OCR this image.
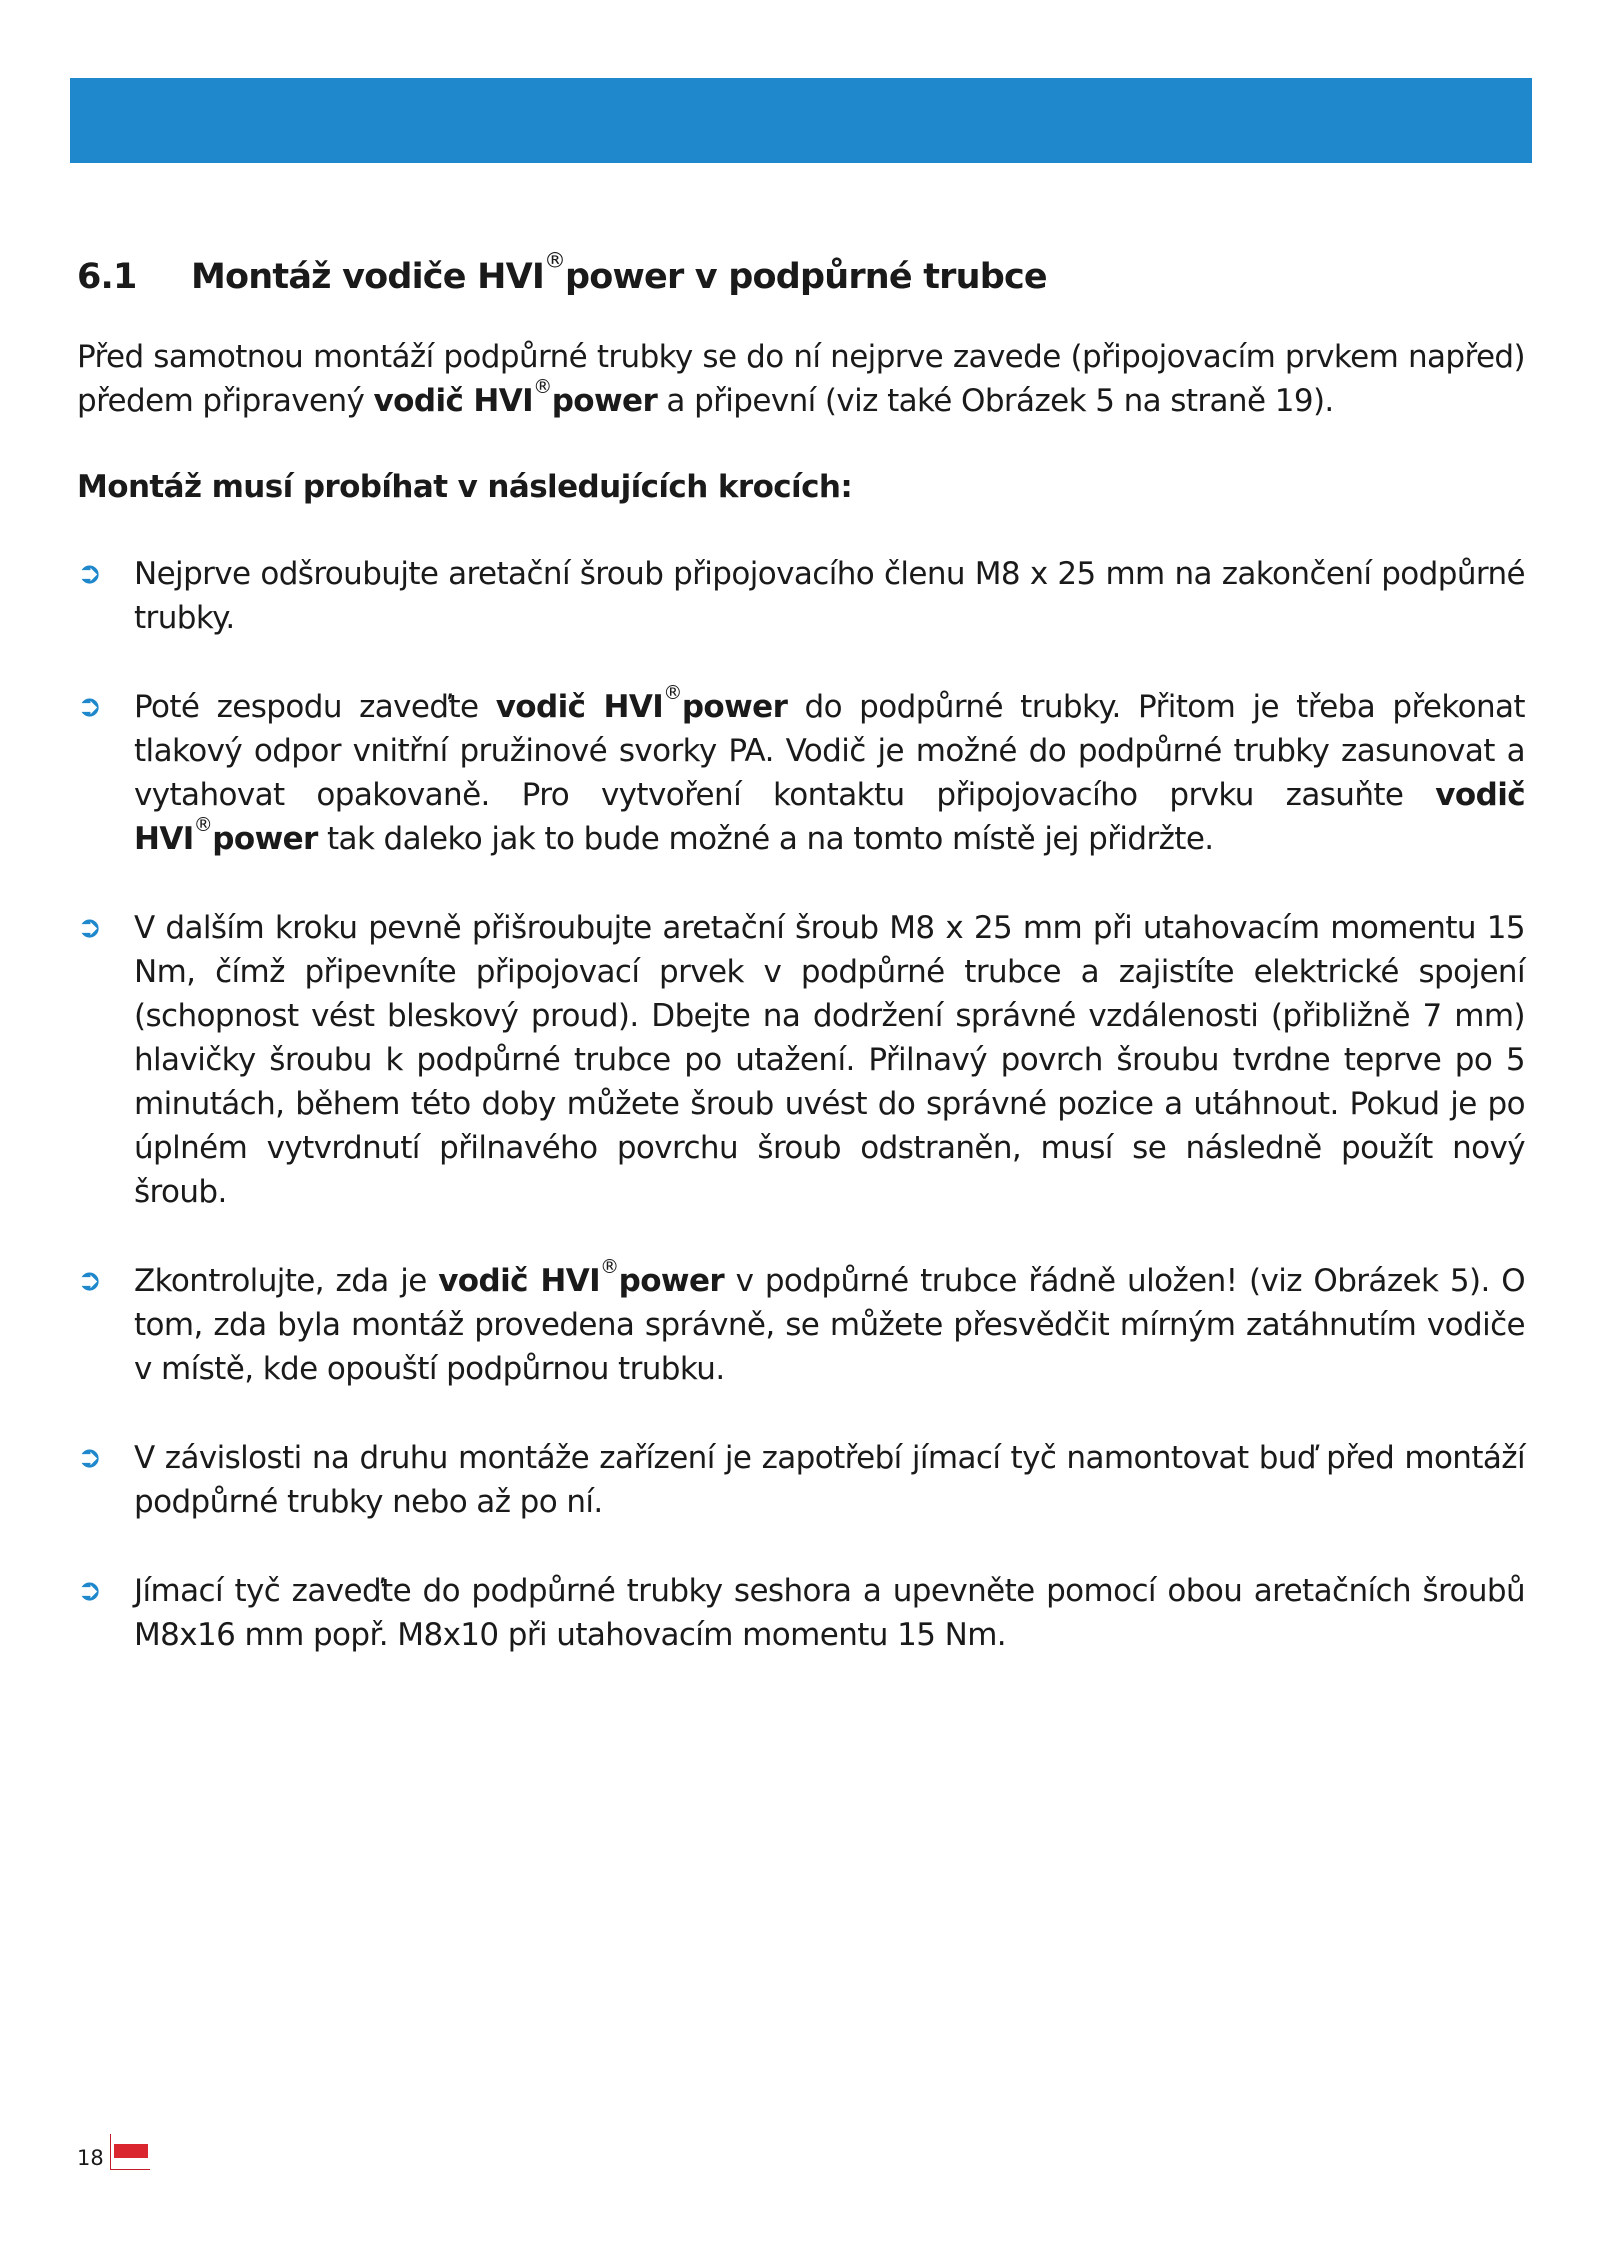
6.1 Montáž vodiče HVI®power v podpůrné trubce

Před samotnou montáží podpůrné trubky se do ní nejprve zavede (připojovacím prvkem napřed) předem připravený vodič HVI®power a připevní (viz také Obrázek 5 na straně 19).

Montáž musí probíhat v následujících krocích:
➲	Nejprve odšroubujte aretační šroub připojovacího členu M8 x 25 mm na zakončení podpůrné trubky.
➲	Poté zespodu zaveďte vodič HVI®power do podpůrné trubky. Přitom je třeba překonat tlakový odpor vnitřní pružinové svorky PA. Vodič je možné do podpůrné trubky zasunovat a vytahovat opakovaně. Pro vytvoření kontaktu připojovacího prvku zasuňte vodič HVI®power tak daleko jak to bude možné a na tomto místě jej přidržte.
➲	V dalším kroku pevně přišroubujte aretační šroub M8 x 25 mm při utahovacím momentu 15 Nm, čímž připevníte připojovací prvek v podpůrné trubce a zajistíte elektrické spojení (schopnost vést bleskový proud). Dbejte na dodržení správné vzdálenosti (přibližně 7 mm) hlavičky šroubu k podpůrné trubce po utažení. Přilnavý povrch šroubu tvrdne teprve po 5 minutách, během této doby můžete šroub uvést do správné pozice a utáhnout. Pokud je po úplném vytvrdnutí přilnavého povrchu šroub odstraněn, musí se následně použít nový šroub.
➲	Zkontrolujte, zda je vodič HVI®power v podpůrné trubce řádně uložen! (viz Obrázek 5). O tom, zda byla montáž provedena správně, se můžete přesvědčit mírným zatáhnutím vodiče v místě, kde opouští podpůrnou trubku.
➲	V závislosti na druhu montáže zařízení je zapotřebí jímací tyč namontovat buď před montáží podpůrné trubky nebo až po ní.
➲	Jímací tyč zaveďte do podpůrné trubky seshora a upevněte pomocí obou aretačních šroubů M8x16 mm popř. M8x10 při utahovacím momentu 15 Nm.
18
